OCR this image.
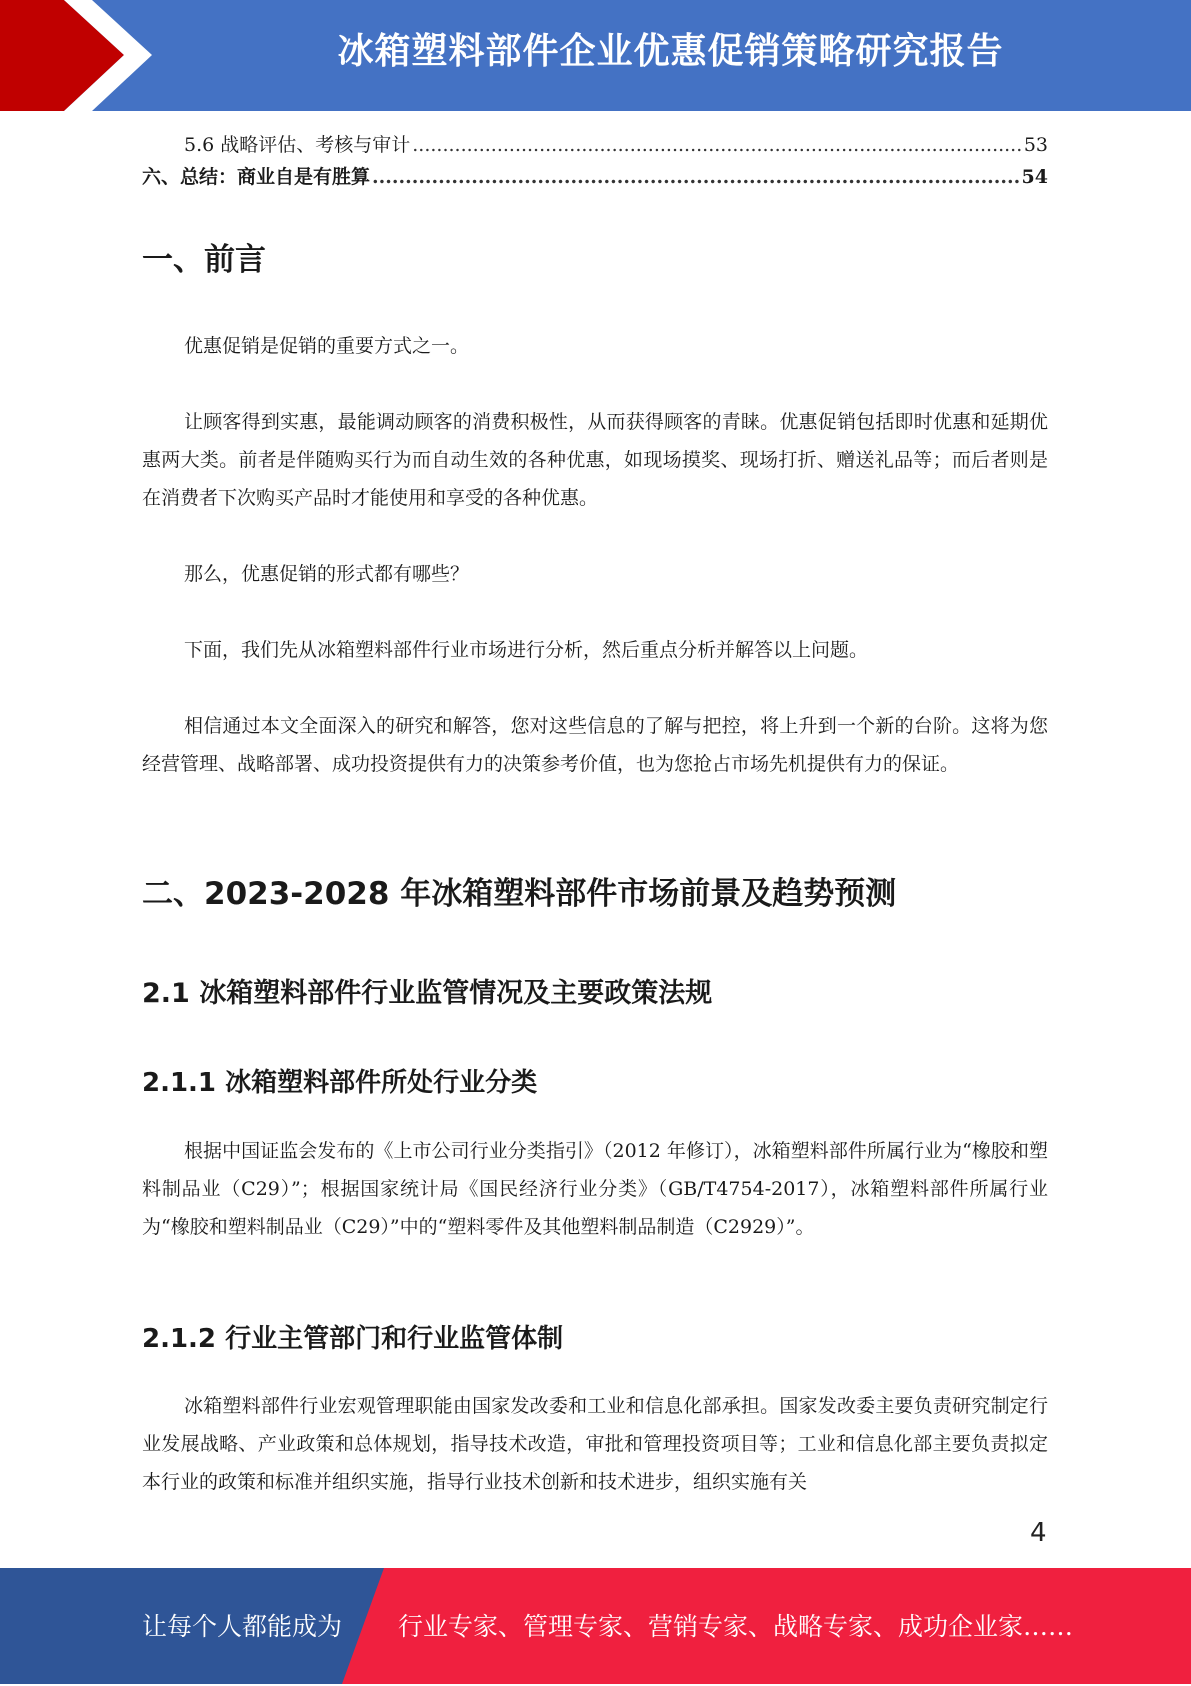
冰箱塑料部件企业优惠促销策略研究报告
5.6 战略评估、考核与审计 .....	53
六、总结：商业自是有胜算 .....	54
一、前言

优惠促销是促销的重要方式之一。

让顾客得到实惠，最能调动顾客的消费积极性，从而获得顾客的青睐。优惠促销包括即时优惠和延期优惠两大类。前者是伴随购买行为而自动生效的各种优惠，如现场摸奖、现场打折、赠送礼品等；而后者则是在消费者下次购买产品时才能使用和享受的各种优惠。

那么，优惠促销的形式都有哪些？

下面，我们先从冰箱塑料部件行业市场进行分析，然后重点分析并解答以上问题。

相信通过本文全面深入的研究和解答，您对这些信息的了解与把控，将上升到一个新的台阶。这将为您经营管理、战略部署、成功投资提供有力的决策参考价值，也为您抢占市场先机提供有力的保证。

二、2023-2028 年冰箱塑料部件市场前景及趋势预测
2.1 冰箱塑料部件行业监管情况及主要政策法规
2.1.1 冰箱塑料部件所处行业分类

根据中国证监会发布的《上市公司行业分类指引》（2012 年修订），冰箱塑料部件所属行业为“橡胶和塑料制品业（C29）”；根据国家统计局《国民经济行业分类》（GB/T4754-2017），冰箱塑料部件所属行业为“橡胶和塑料制品业（C29）”中的“塑料零件及其他塑料制品制造（C2929）”。

2.1.2 行业主管部门和行业监管体制

冰箱塑料部件行业宏观管理职能由国家发改委和工业和信息化部承担。国家发改委主要负责研究制定行业发展战略、产业政策和总体规划，指导技术改造，审批和管理投资项目等；工业和信息化部主要负责拟定本行业的政策和标准并组织实施，指导行业技术创新和技术进步，组织实施有关

4
让每个人都能成为 行业专家、管理专家、营销专家、战略专家、成功企业家……
